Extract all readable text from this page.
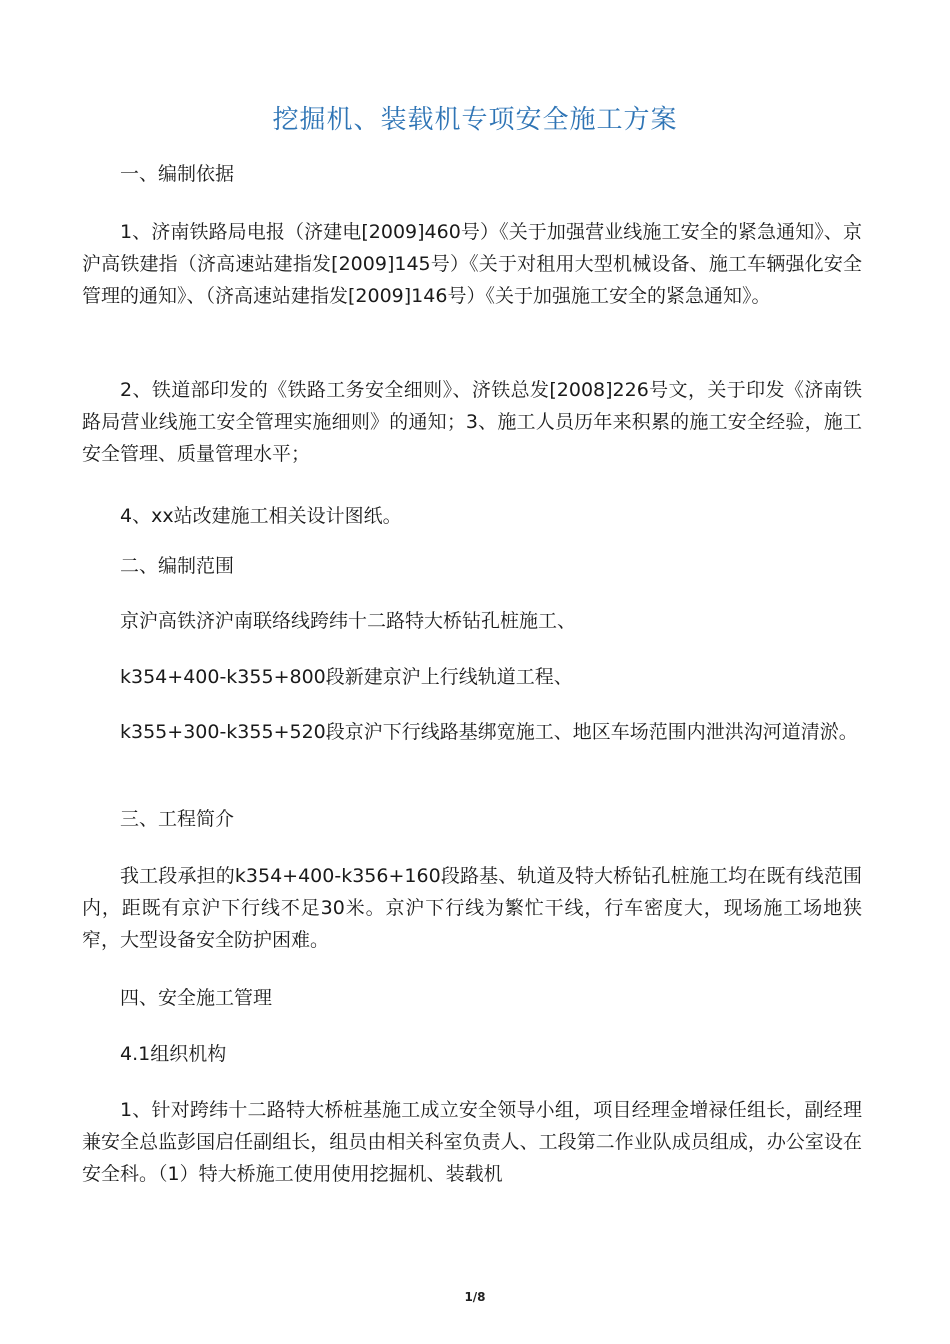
挖掘机、装载机专项安全施工方案

一、编制依据

1、济南铁路局电报（济建电[2009]460号）《关于加强营业线施工安全的紧急通知》、京沪高铁建指（济高速站建指发[2009]145号）《关于对租用大型机械设备、施工车辆强化安全管理的通知》、（济高速站建指发[2009]146号）《关于加强施工安全的紧急通知》。

2、铁道部印发的《铁路工务安全细则》、济铁总发[2008]226号文，关于印发《济南铁路局营业线施工安全管理实施细则》的通知；3、施工人员历年来积累的施工安全经验，施工安全管理、质量管理水平；

4、xx站改建施工相关设计图纸。

二、编制范围

京沪高铁济沪南联络线跨纬十二路特大桥钻孔桩施工、

k354+400-k355+800段新建京沪上行线轨道工程、

k355+300-k355+520段京沪下行线路基绑宽施工、地区车场范围内泄洪沟河道清淤。

三、工程简介

我工段承担的k354+400-k356+160段路基、轨道及特大桥钻孔桩施工均在既有线范围内，距既有京沪下行线不足30米。京沪下行线为繁忙干线，行车密度大，现场施工场地狭窄，大型设备安全防护困难。

四、安全施工管理

4.1组织机构

1、针对跨纬十二路特大桥桩基施工成立安全领导小组，项目经理金增禄任组长，副经理兼安全总监彭国启任副组长，组员由相关科室负责人、工段第二作业队成员组成，办公室设在安全科。（1）特大桥施工使用使用挖掘机、装载机

1/8
